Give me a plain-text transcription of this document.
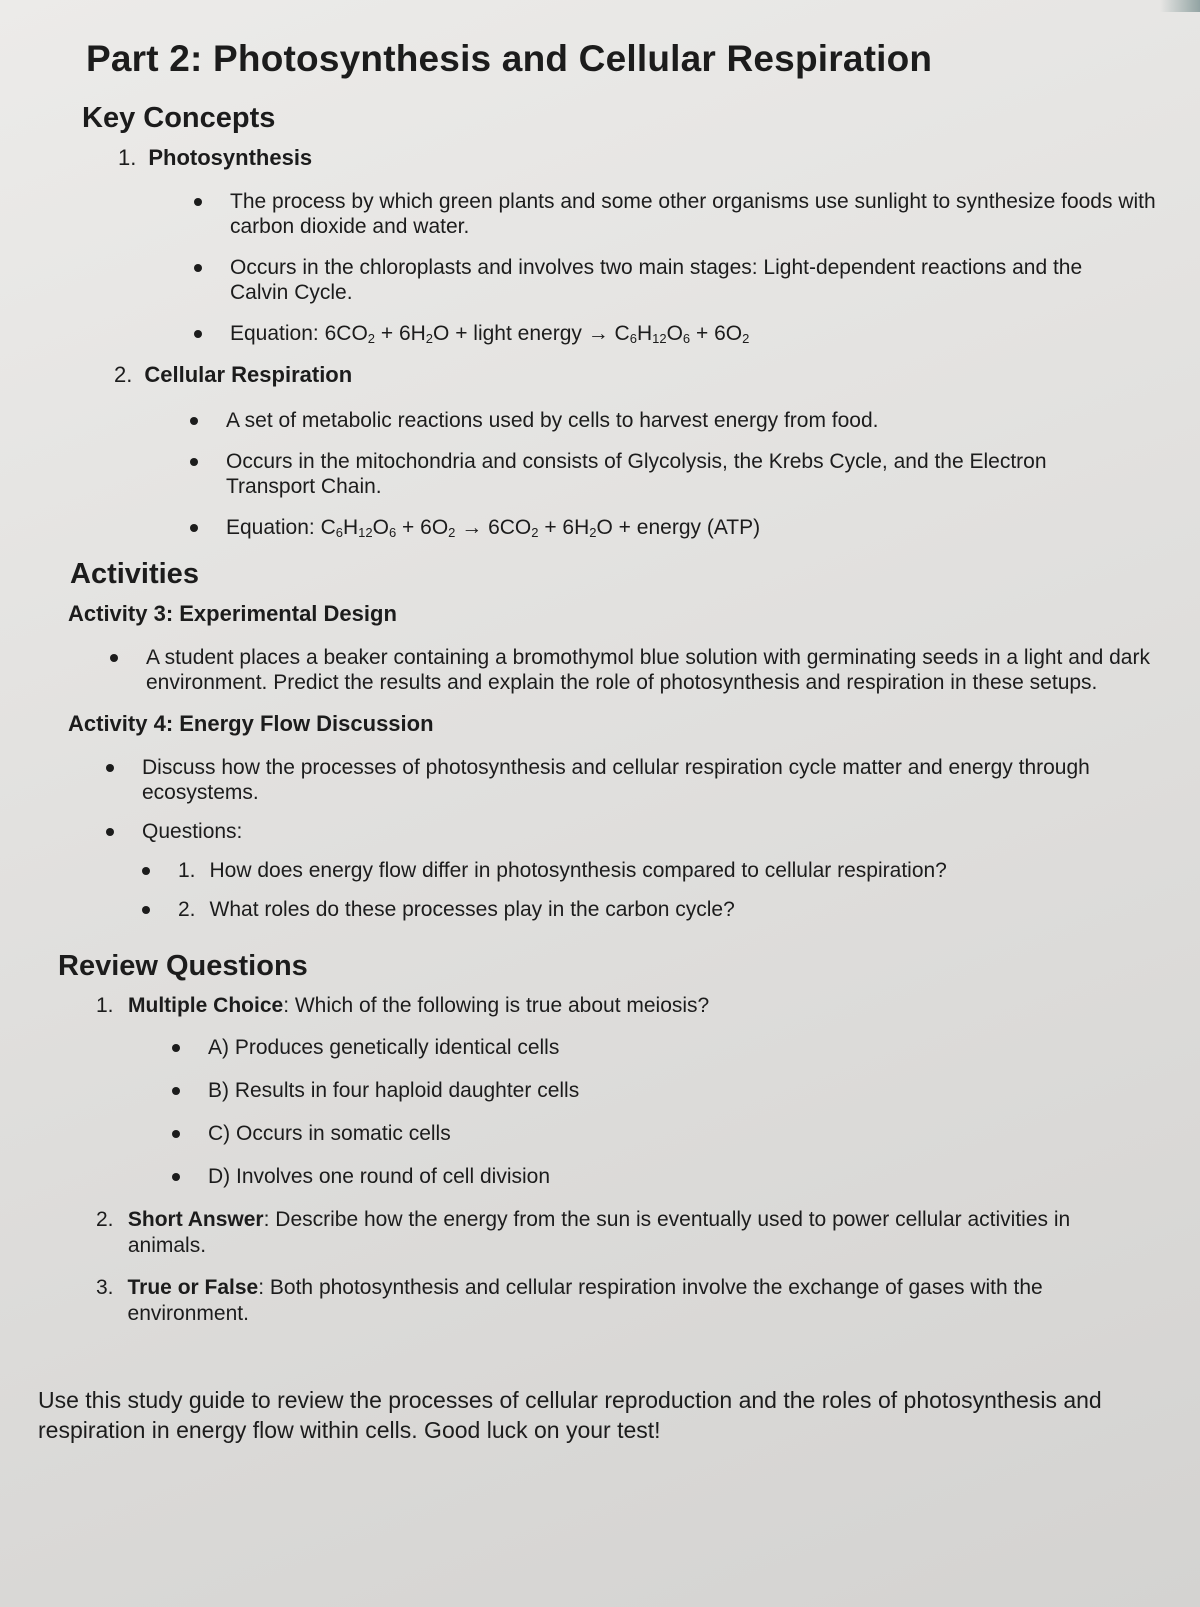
Part 2: Photosynthesis and Cellular Respiration
Key Concepts
1. Photosynthesis
The process by which green plants and some other organisms use sunlight to synthesize foods with carbon dioxide and water.
Occurs in the chloroplasts and involves two main stages: Light-dependent reactions and the Calvin Cycle.
Equation: $6CO_2 + 6H_2O$ + light energy → $C_6H_{12}O_6 + 6O_2$
2. Cellular Respiration
A set of metabolic reactions used by cells to harvest energy from food.
Occurs in the mitochondria and consists of Glycolysis, the Krebs Cycle, and the Electron Transport Chain.
Equation: $C_6H_{12}O_6 + 6O_2 \to 6CO_2 + 6H_2O$ + energy (ATP)
Activities
Activity 3: Experimental Design
A student places a beaker containing a bromothymol blue solution with germinating seeds in a light and dark environment. Predict the results and explain the role of photosynthesis and respiration in these setups.
Activity 4: Energy Flow Discussion
Discuss how the processes of photosynthesis and cellular respiration cycle matter and energy through ecosystems.
Questions:
1. How does energy flow differ in photosynthesis compared to cellular respiration?
2. What roles do these processes play in the carbon cycle?
Review Questions
1. Multiple Choice: Which of the following is true about meiosis?
A) Produces genetically identical cells
B) Results in four haploid daughter cells
C) Occurs in somatic cells
D) Involves one round of cell division
2. Short Answer: Describe how the energy from the sun is eventually used to power cellular activities in animals.
3. True or False: Both photosynthesis and cellular respiration involve the exchange of gases with the environment.
Use this study guide to review the processes of cellular reproduction and the roles of photosynthesis and respiration in energy flow within cells. Good luck on your test!
